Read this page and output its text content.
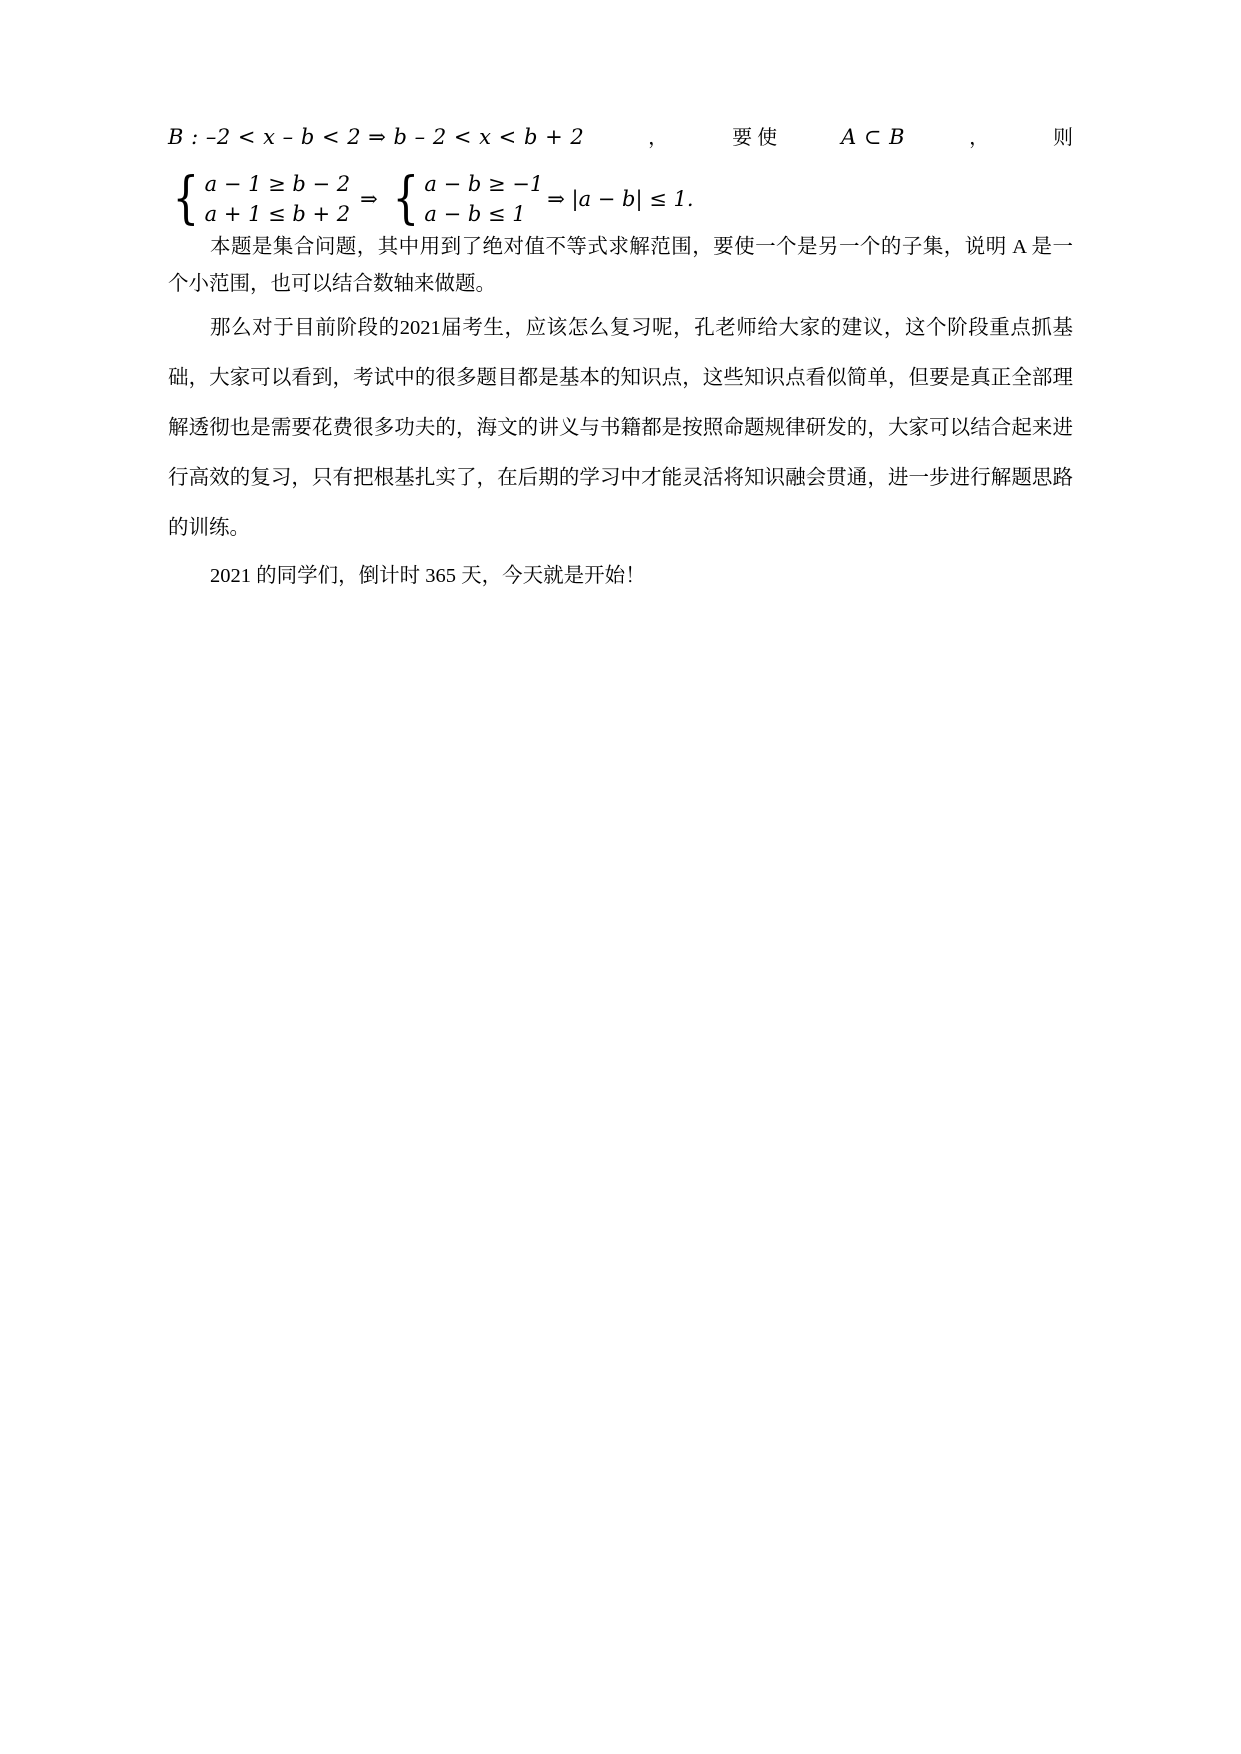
B : –2 < x – b < 2 ⇒ b – 2 < x < b + 2	，	要 使	A ⊂ B	，	则
{ a − 1 ≥ b − 2
a + 1 ≤ b + 2
⇒ { a − b ≥ −1
a − b ≤ 1
⇒ |a − b| ≤ 1.

本题是集合问题，其中用到了绝对值不等式求解范围，要使一个是另一个的子集，说明 A 是一个小范围，也可以结合数轴来做题。

那么对于目前阶段的2021届考生，应该怎么复习呢，孔老师给大家的建议，这个阶段重点抓基础，大家可以看到，考试中的很多题目都是基本的知识点，这些知识点看似简单，但要是真正全部理解透彻也是需要花费很多功夫的，海文的讲义与书籍都是按照命题规律研发的，大家可以结合起来进行高效的复习，只有把根基扎实了，在后期的学习中才能灵活将知识融会贯通，进一步进行解题思路的训练。

2021 的同学们，倒计时 365 天，今天就是开始！
